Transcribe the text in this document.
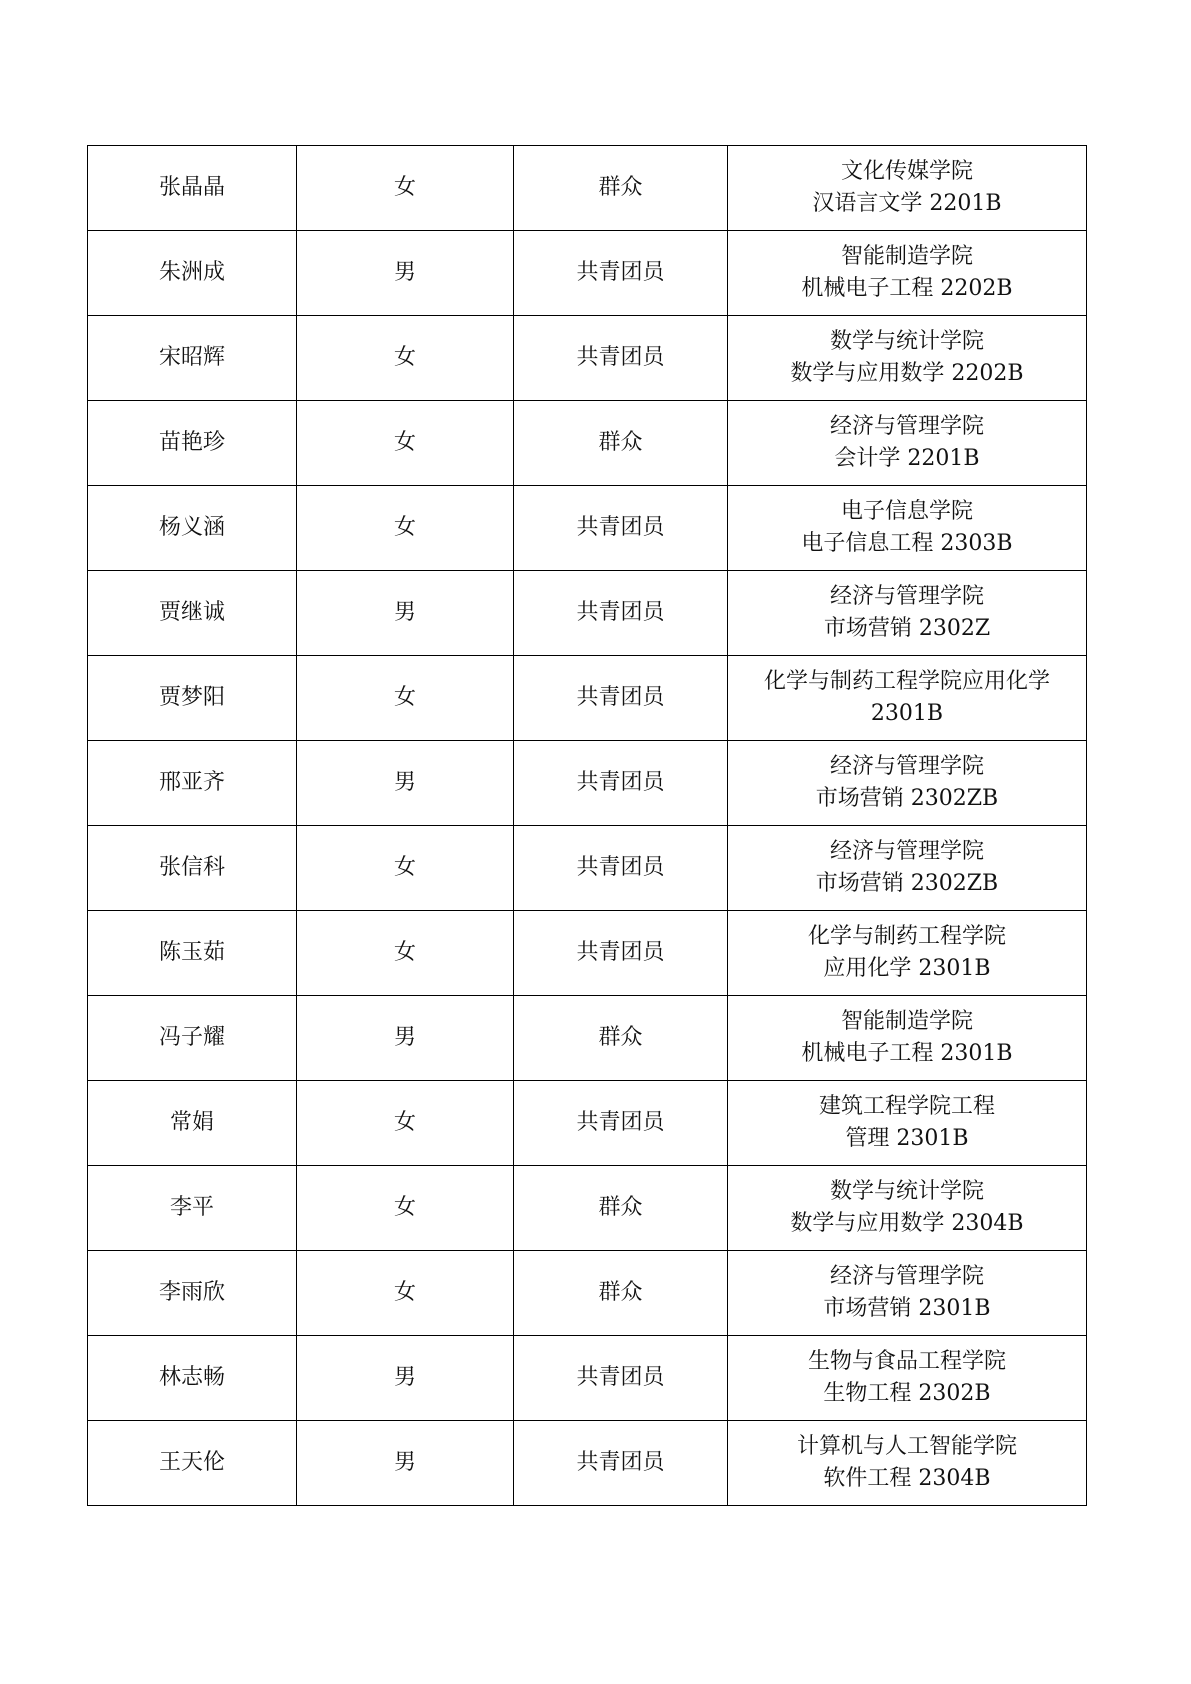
张晶晶	女	群众	文化传媒学院
汉语言文学 2201B

朱洲成	男	共青团员	智能制造学院
机械电子工程 2202B

宋昭辉	女	共青团员	数学与统计学院
数学与应用数学 2202B

苗艳珍	女	群众	经济与管理学院
会计学 2201B

杨义涵	女	共青团员	电子信息学院
电子信息工程 2303B

贾继诚	男	共青团员	经济与管理学院
市场营销 2302Z

贾梦阳	女	共青团员	化学与制药工程学院应用化学
2301B

邢亚齐	男	共青团员	经济与管理学院
市场营销 2302ZB

张信科	女	共青团员	经济与管理学院
市场营销 2302ZB

陈玉茹	女	共青团员	化学与制药工程学院
应用化学 2301B

冯子耀	男	群众	智能制造学院
机械电子工程 2301B

常娟	女	共青团员	建筑工程学院工程
管理 2301B

李平	女	群众	数学与统计学院
数学与应用数学 2304B

李雨欣	女	群众	经济与管理学院
市场营销 2301B

林志畅	男	共青团员	生物与食品工程学院
生物工程 2302B

王天伦	男	共青团员	计算机与人工智能学院
软件工程 2304B
